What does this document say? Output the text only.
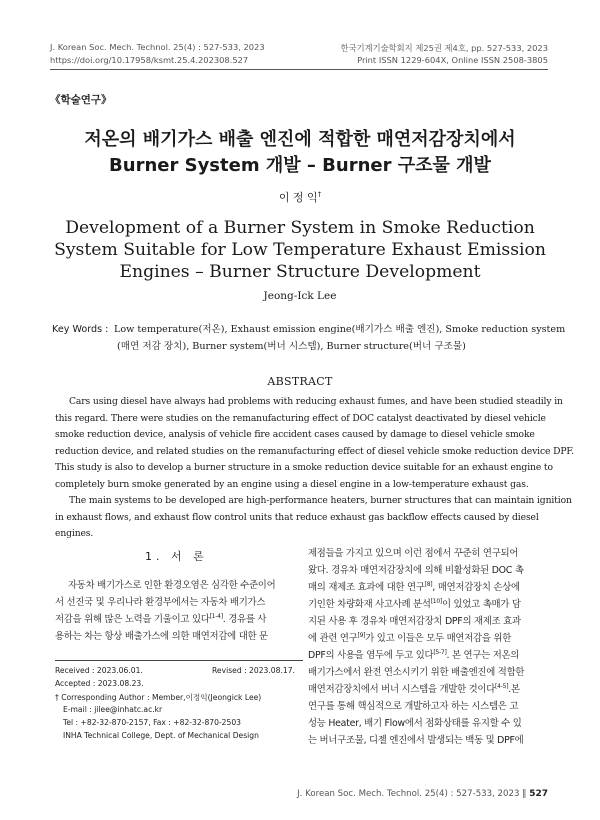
J. Korean Soc. Mech. Technol. 25(4) : 527-533, 2023
https://doi.org/10.17958/ksmt.25.4.202308.527
한국기계기술학회지 제25권 제4호, pp. 527-533, 2023
Print ISSN 1229-604X, Online ISSN 2508-3805
《학술연구》
저온의 배기가스 배출 엔진에 적합한 매연저감장치에서
Burner System 개발 – Burner 구조물 개발
이 정 익†
Development of a Burner System in Smoke Reduction
System Suitable for Low Temperature Exhaust Emission
Engines – Burner Structure Development
Jeong-Ick Lee
Key Words : Low temperature(저온), Exhaust emission engine(배기가스 배출 엔진), Smoke reduction system
(매연 저감 장치), Burner system(버너 시스템), Burner structure(버너 구조물)
ABSTRACT
Cars using diesel have always had problems with reducing exhaust fumes, and have been studied steadily in
this regard. There were studies on the remanufacturing effect of DOC catalyst deactivated by diesel vehicle
smoke reduction device, analysis of vehicle fire accident cases caused by damage to diesel vehicle smoke
reduction device, and related studies on the remanufacturing effect of diesel vehicle smoke reduction device DPF.
This study is also to develop a burner structure in a smoke reduction device suitable for an exhaust engine to
completely burn smoke generated by an engine using a diesel engine in a low-temperature exhaust gas.
The main systems to be developed are high-performance heaters, burner structures that can maintain ignition
in exhaust flows, and exhaust flow control units that reduce exhaust gas backflow effects caused by diesel
engines.
1. 서 론
자동차 배기가스로 인한 환경오염은 심각한 수준이어
서 선진국 및 우리나라 환경부에서는 자동차 배기가스
저감을 위해 많은 노력을 기울이고 있다[1-4]. 경유를 사
용하는 차는 항상 배출가스에 의한 매연저감에 대한 문
Received : 2023.06.01.	Revised : 2023.08.17.
Accepted : 2023.08.23.
† Corresponding Author : Member,이정익(Jeongick Lee)
E-mail : jilee@inhatc.ac.kr
Tel : +82-32-870-2157, Fax : +82-32-870-2503
INHA Technical College, Dept. of Mechanical Design
제점들을 가지고 있으며 이런 점에서 꾸준히 연구되어
왔다. 경유차 매연저감장치에 의해 비활성화된 DOC 촉
매의 재제조 효과에 대한 연구[8], 매연저감장치 손상에
기인한 차량화재 사고사례 분석[10]이 있었고 촉매가 담
지된 사용 후 경유차 매연저감장치 DPF의 재제조 효과
에 관련 연구[9]가 있고 이들은 모두 매연저감을 위한
DPF의 사용을 염두에 두고 있다[5-7]. 본 연구는 저온의
배기가스에서 완전 연소시키기 위한 배출엔진에 적합한
매연저감장치에서 버너 시스템을 개발한 것이다[4-5].본
연구를 통해 핵심적으로 개발하고자 하는 시스템은 고
성능 Heater, 배기 Flow에서 점화상태를 유지할 수 있
는 버너구조물, 디젤 엔진에서 발생되는 백동 및 DPF에
J. Korean Soc. Mech. Technol. 25(4) : 527-533, 2023 ‖ 527
